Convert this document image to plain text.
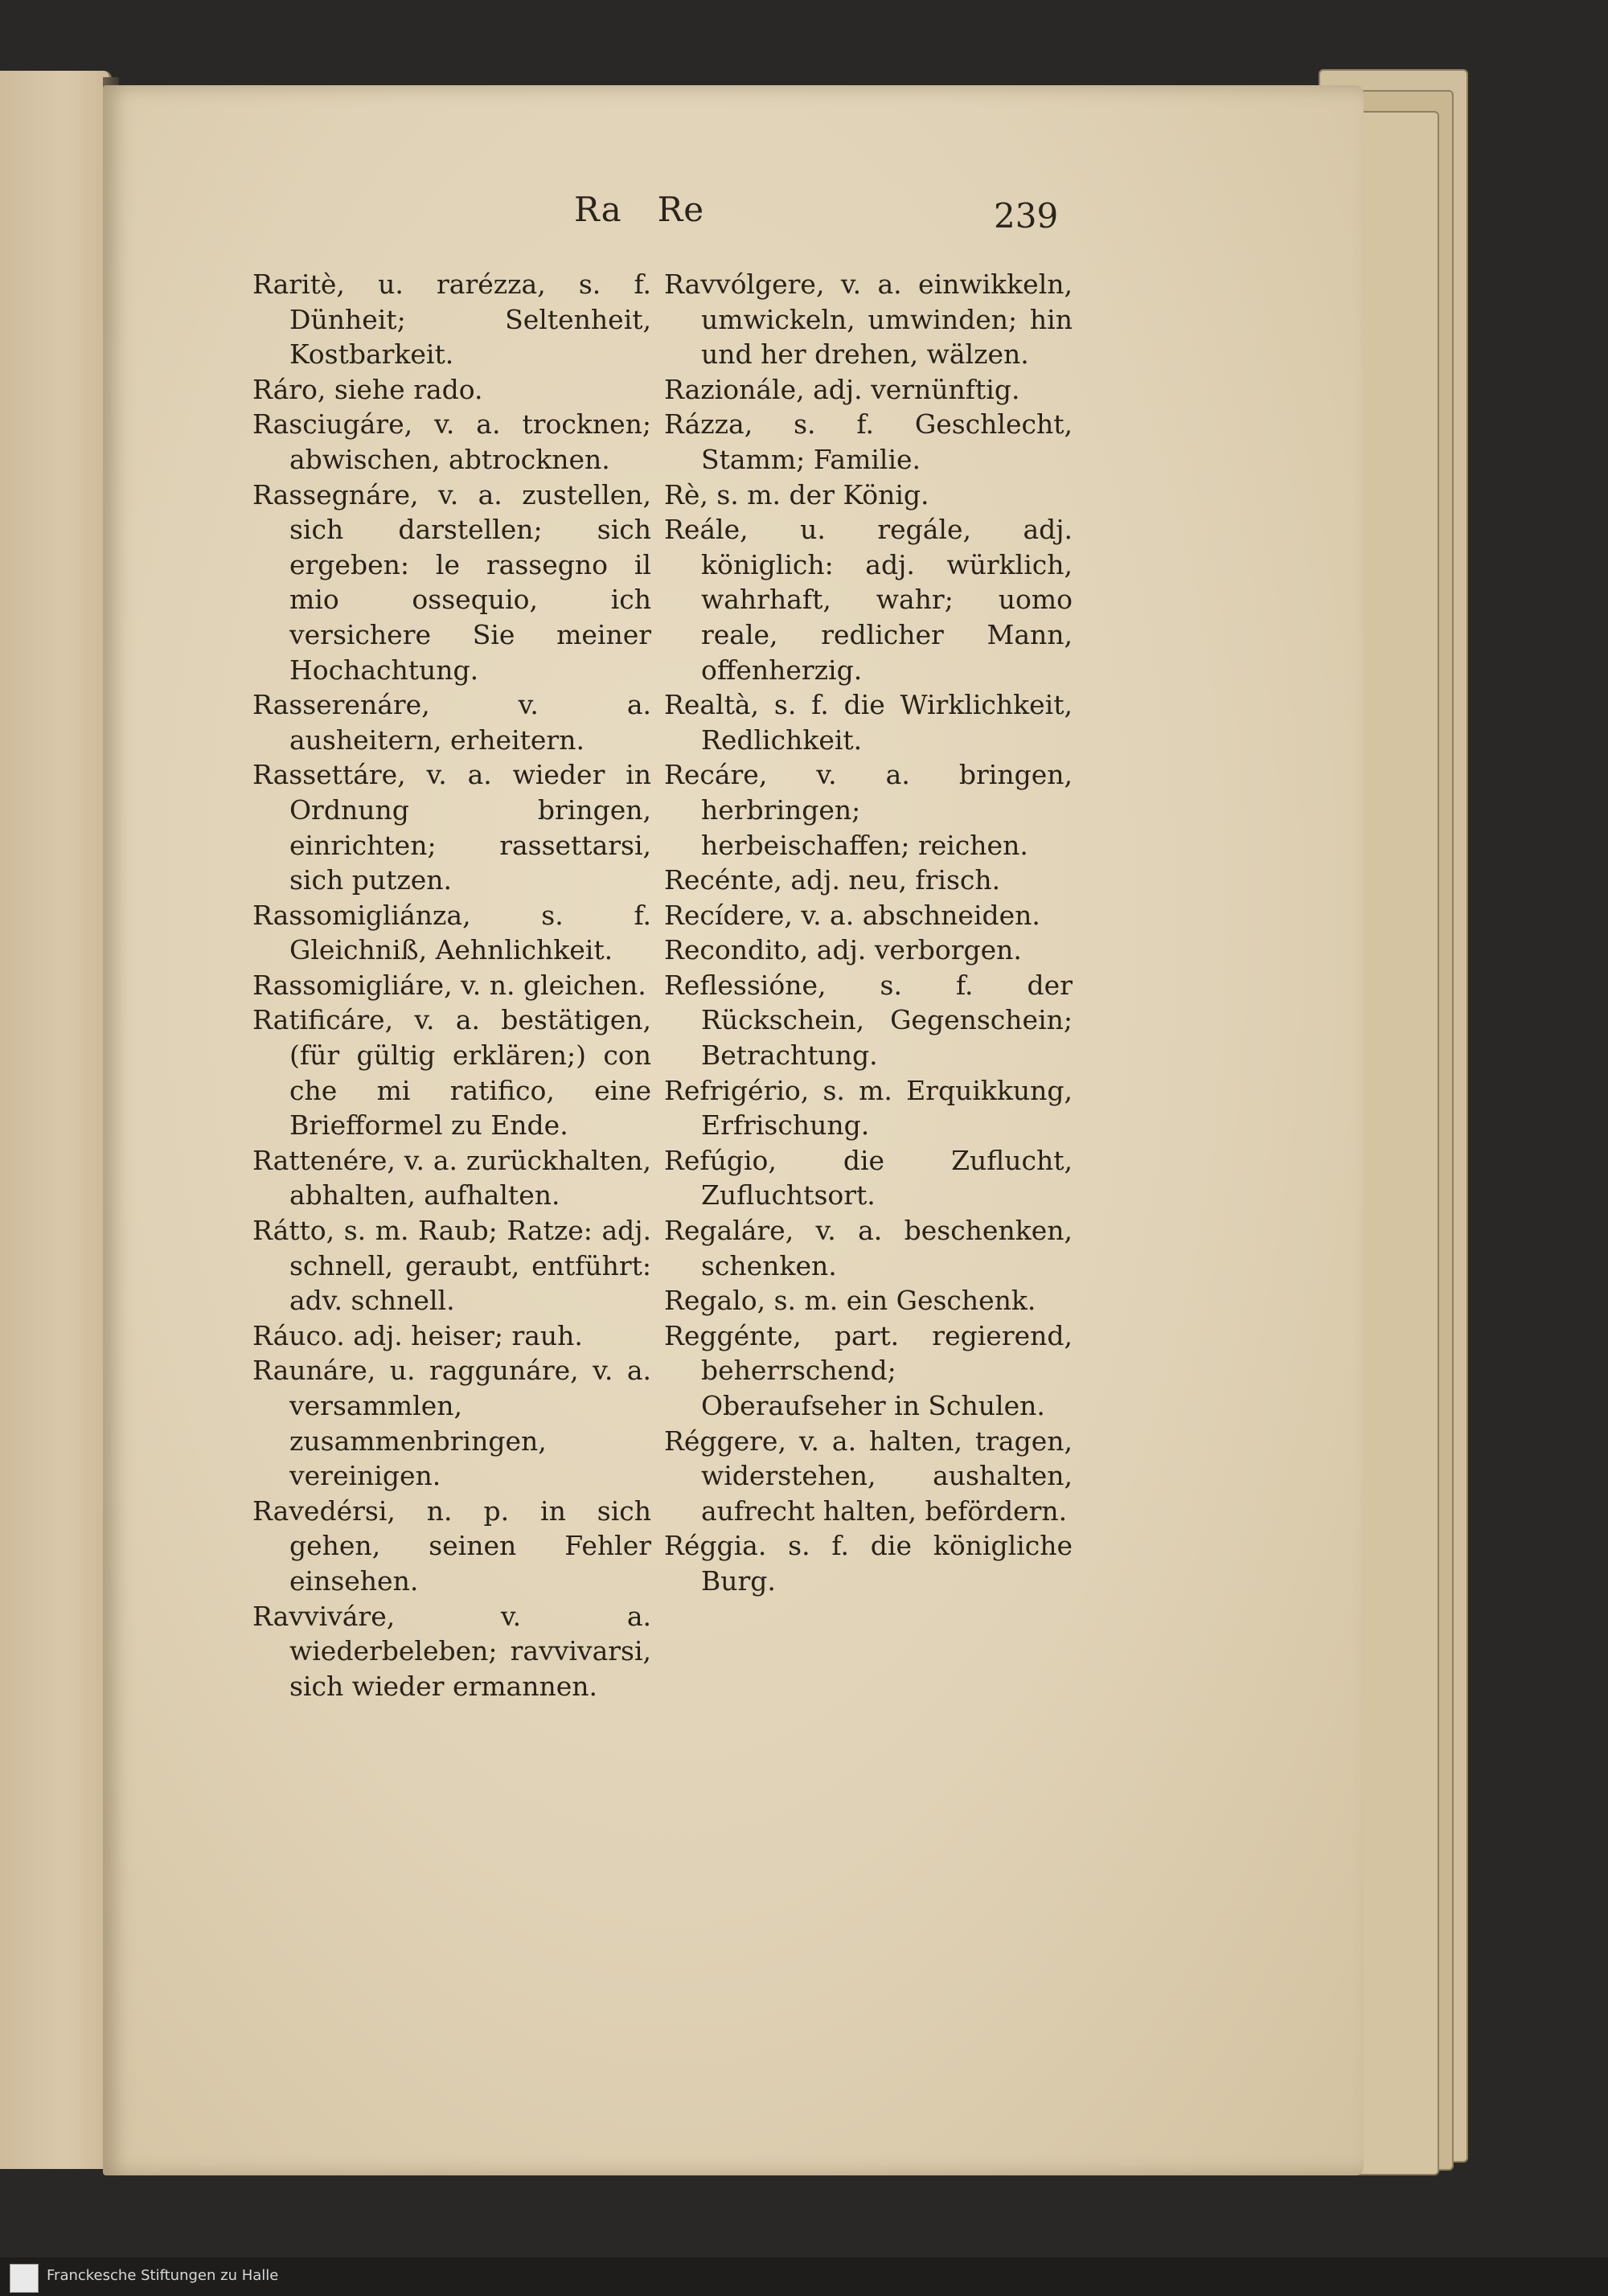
Ra Re	239

Raritè, u. rarézza, s. f. Dünheit; Seltenheit, Kostbarkeit.

Ráro, siehe rado.

Rasciugáre, v. a. trocknen; abwischen, abtrocknen.

Rassegnáre, v. a. zustellen, sich darstellen; sich ergeben: le rassegno il mio ossequio, ich versichere Sie meiner Hochachtung.

Rasserenáre, v. a. ausheitern, erheitern.

Rassettáre, v. a. wieder in Ordnung bringen, einrichten; rassettarsi, sich putzen.

Rassomigliánza, s. f. Gleichniß, Aehnlichkeit.

Rassomigliáre, v. n. gleichen.

Ratificáre, v. a. bestätigen, (für gültig erklären;) con che mi ratifico, eine Briefformel zu Ende.

Rattenére, v. a. zurückhalten, abhalten, aufhalten.

Rátto, s. m. Raub; Ratze: adj. schnell, geraubt, entführt: adv. schnell.

Ráuco. adj. heiser; rauh.

Raunáre, u. raggunáre, v. a. versammlen, zusammenbringen, vereinigen.

Ravedérsi, n. p. in sich gehen, seinen Fehler einsehen.

Ravviváre, v. a. wiederbeleben; ravvivarsi, sich wieder ermannen.

Ravvólgere, v. a. einwikkeln, umwickeln, umwinden; hin und her drehen, wälzen.

Razionále, adj. vernünftig.

Rázza, s. f. Geschlecht, Stamm; Familie.

Rè, s. m. der König.

Reále, u. regále, adj. königlich: adj. würklich, wahrhaft, wahr; uomo reale, redlicher Mann, offenherzig.

Realtà, s. f. die Wirklichkeit, Redlichkeit.

Recáre, v. a. bringen, herbringen; herbeischaffen; reichen.

Recénte, adj. neu, frisch.

Recídere, v. a. abschneiden.

Recondito, adj. verborgen.

Reflessióne, s. f. der Rückschein, Gegenschein; Betrachtung.

Refrigério, s. m. Erquikkung, Erfrischung.

Refúgio, die Zuflucht, Zufluchtsort.

Regaláre, v. a. beschenken, schenken.

Regalo, s. m. ein Geschenk.

Reggénte, part. regierend, beherrschend; Oberaufseher in Schulen.

Réggere, v. a. halten, tragen, widerstehen, aushalten, aufrecht halten, befördern.

Réggia. s. f. die königliche Burg.

Franckesche Stiftungen zu Halle
